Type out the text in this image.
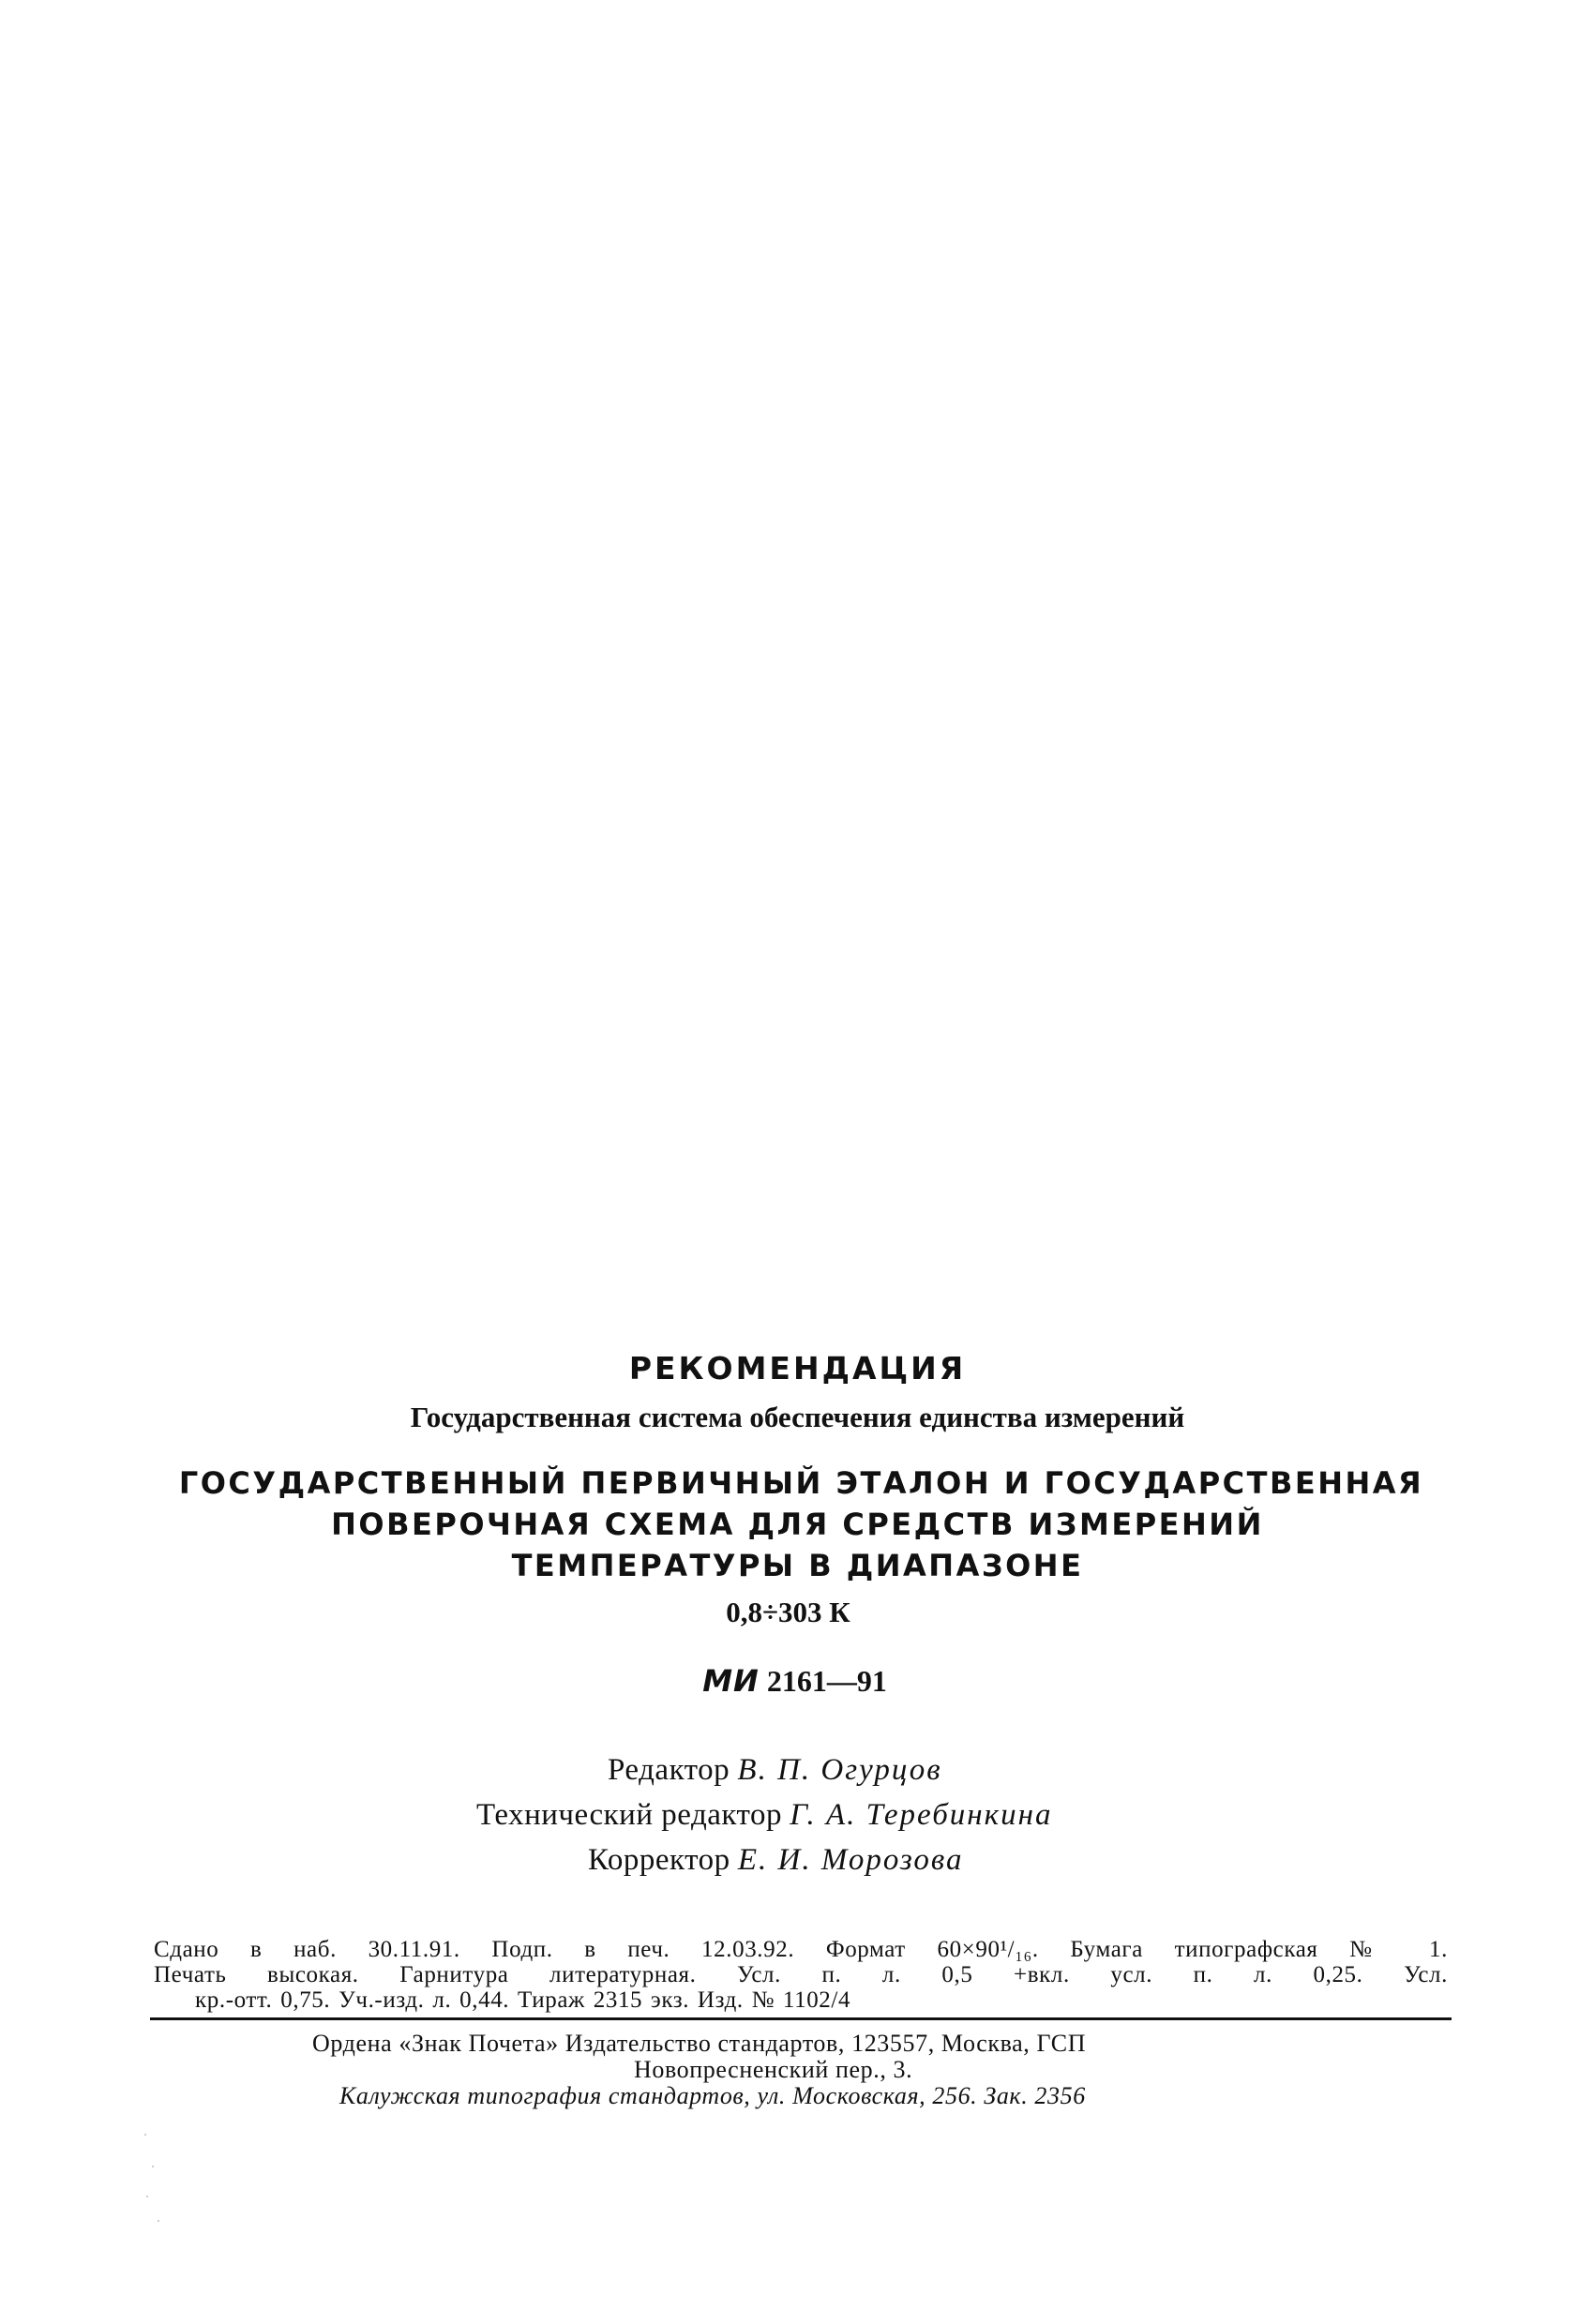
РЕКОМЕНДАЦИЯ
Государственная система обеспечения единства измерений
ГОСУДАРСТВЕННЫЙ ПЕРВИЧНЫЙ ЭТАЛОН И ГОСУДАРСТВЕННАЯ
ПОВЕРОЧНАЯ СХЕМА ДЛЯ СРЕДСТВ ИЗМЕРЕНИЙ
ТЕМПЕРАТУРЫ В ДИАПАЗОНЕ
0,8÷303 К
МИ 2161—91
Редактор В. П. Огурцов
Технический редактор Г. А. Теребинкина
Корректор Е. И. Морозова
Сдано в наб. 30.11.91. Подп. в печ. 12.03.92. Формат 60×90¹/₁₆. Бумага типографская № 1.
Печать высокая. Гарнитура литературная. Усл. п. л. 0,5 +вкл. усл. п. л. 0,25. Усл.
кр.-отт. 0,75. Уч.-изд. л. 0,44. Тираж 2315 экз. Изд. № 1102/4
Ордена «Знак Почета» Издательство стандартов, 123557, Москва, ГСП
Новопресненский пер., 3.
Калужская типография стандартов, ул. Московская, 256. Зак. 2356
